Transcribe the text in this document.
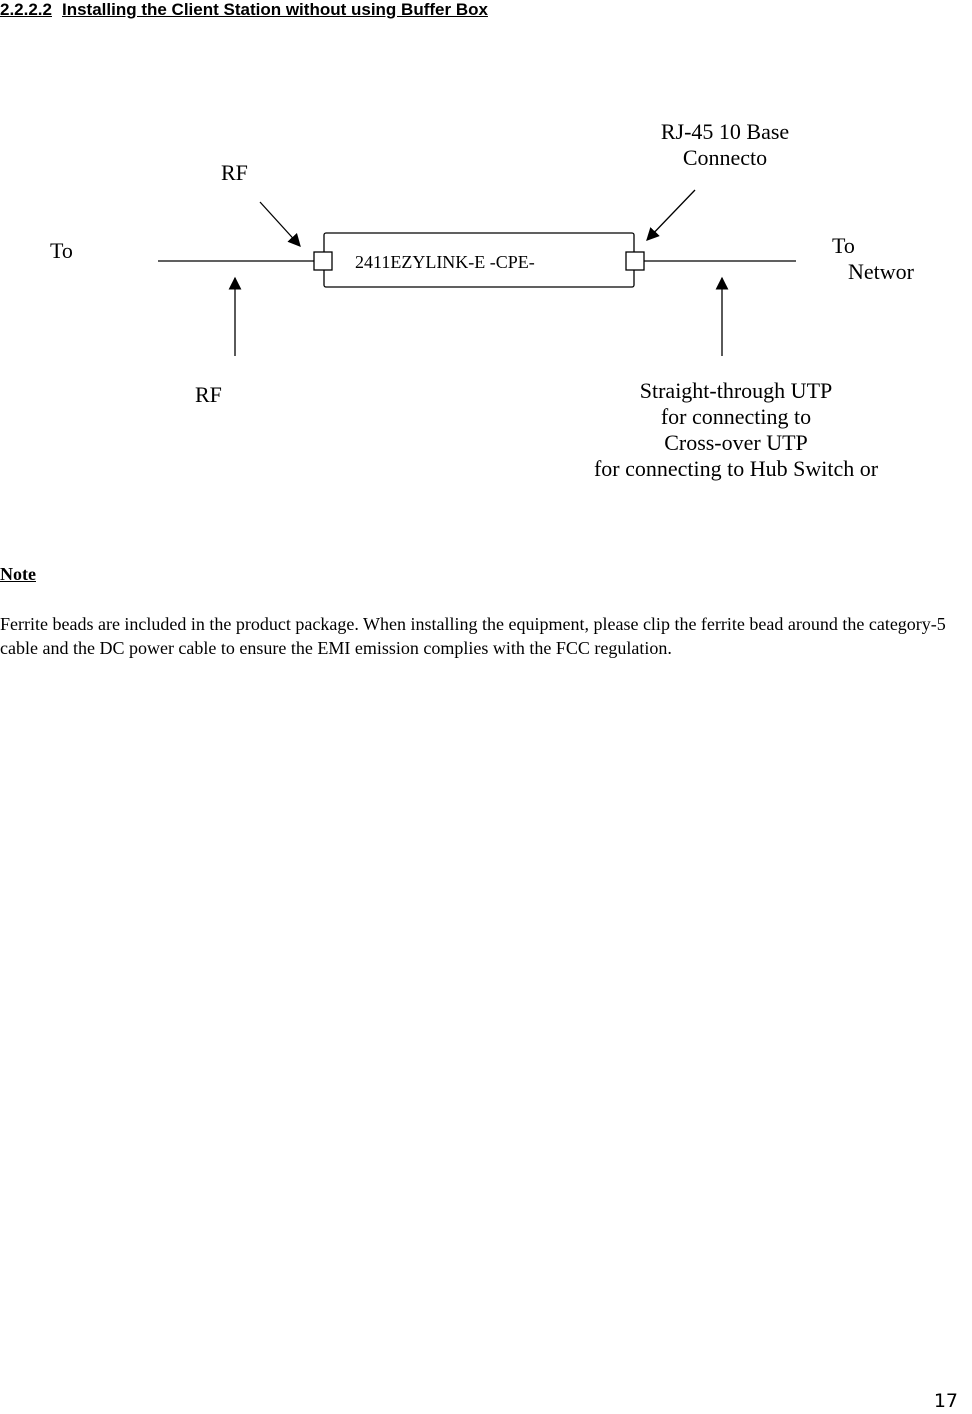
2.2.2.2 Installing the Client Station without using Buffer Box
2411EZYLINK-E -CPE-
RF
RF
To
RJ-45 10 Base
Connecto
To
Networ
Straight-through UTP
for connecting to
Cross-over UTP
for connecting to Hub Switch or
Note
Ferrite beads are included in the product package. When installing the equipment, please clip the ferrite bead around the category-5 cable and the DC power cable to ensure the EMI emission complies with the FCC regulation.
17
